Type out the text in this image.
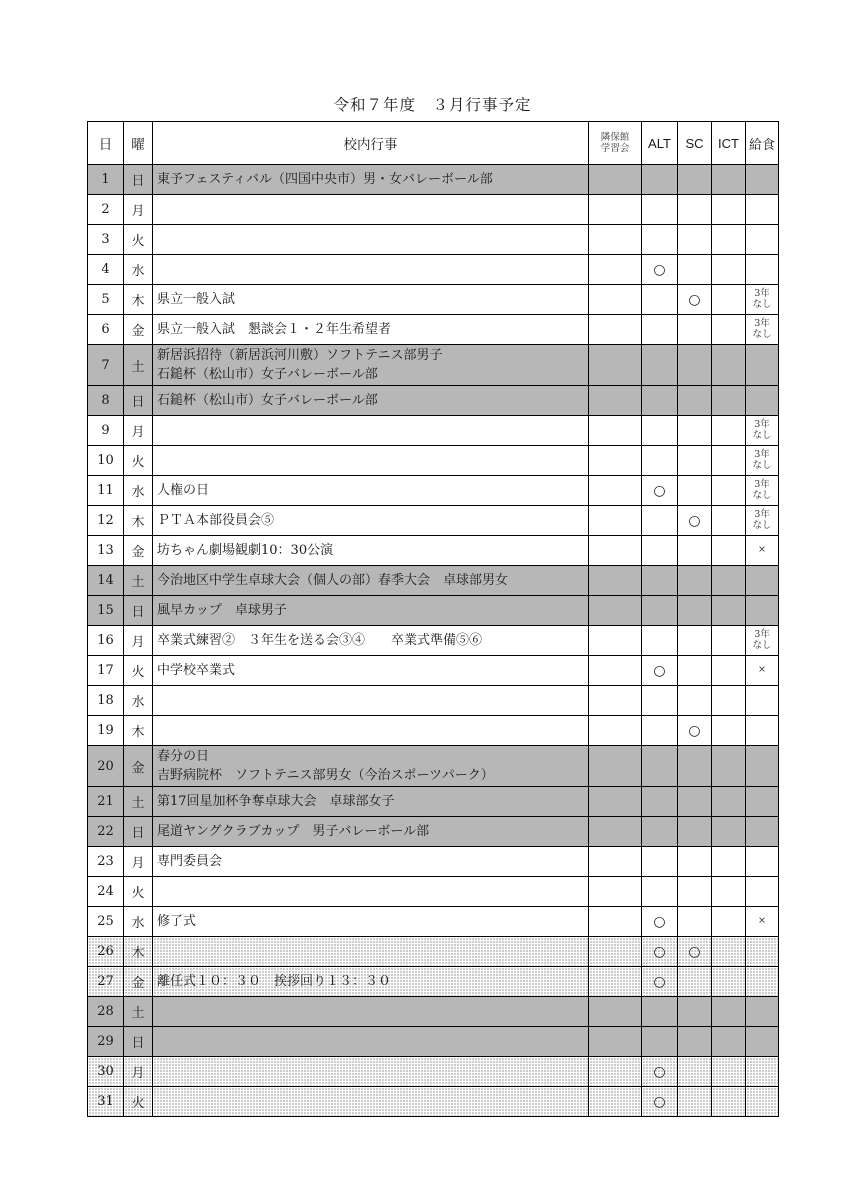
令和７年度　３月行事予定
日	曜	校内行事	隣保館
学習会	ALT	SC	ICT	給食

1	日	東予フェスティバル（四国中央市）男・女バレーボール部					

2	月						

3	火						

4	水			○			

5	木	県立一般入試			○		3年
なし

6	金	県立一般入試　懇談会１・２年生希望者					3年
なし

7	土	新居浜招待（新居浜河川敷）ソフトテニス部男子
石鎚杯（松山市）女子バレーボール部					

8	日	石鎚杯（松山市）女子バレーボール部					

9	月						3年
なし

10	火						3年
なし

11	水	人権の日		○			3年
なし

12	木	ＰＴＡ本部役員会⑤			○		3年
なし

13	金	坊ちゃん劇場観劇10：30公演					×

14	土	今治地区中学生卓球大会（個人の部）春季大会　卓球部男女					

15	日	風早カップ　卓球男子					

16	月	卒業式練習②　３年生を送る会③④　　卒業式準備⑤⑥					3年
なし

17	火	中学校卒業式		○			×

18	水						

19	木				○		

20	金	春分の日
吉野病院杯　ソフトテニス部男女（今治スポーツパーク）					

21	土	第17回星加杯争奪卓球大会　卓球部女子					

22	日	尾道ヤングクラブカップ　男子バレーボール部					

23	月	専門委員会					

24	火						

25	水	修了式		○			×

26	木			○	○		

27	金	離任式１０：３０　挨拶回り１３：３０		○			

28	土						

29	日						

30	月			○			

31	火			○			
